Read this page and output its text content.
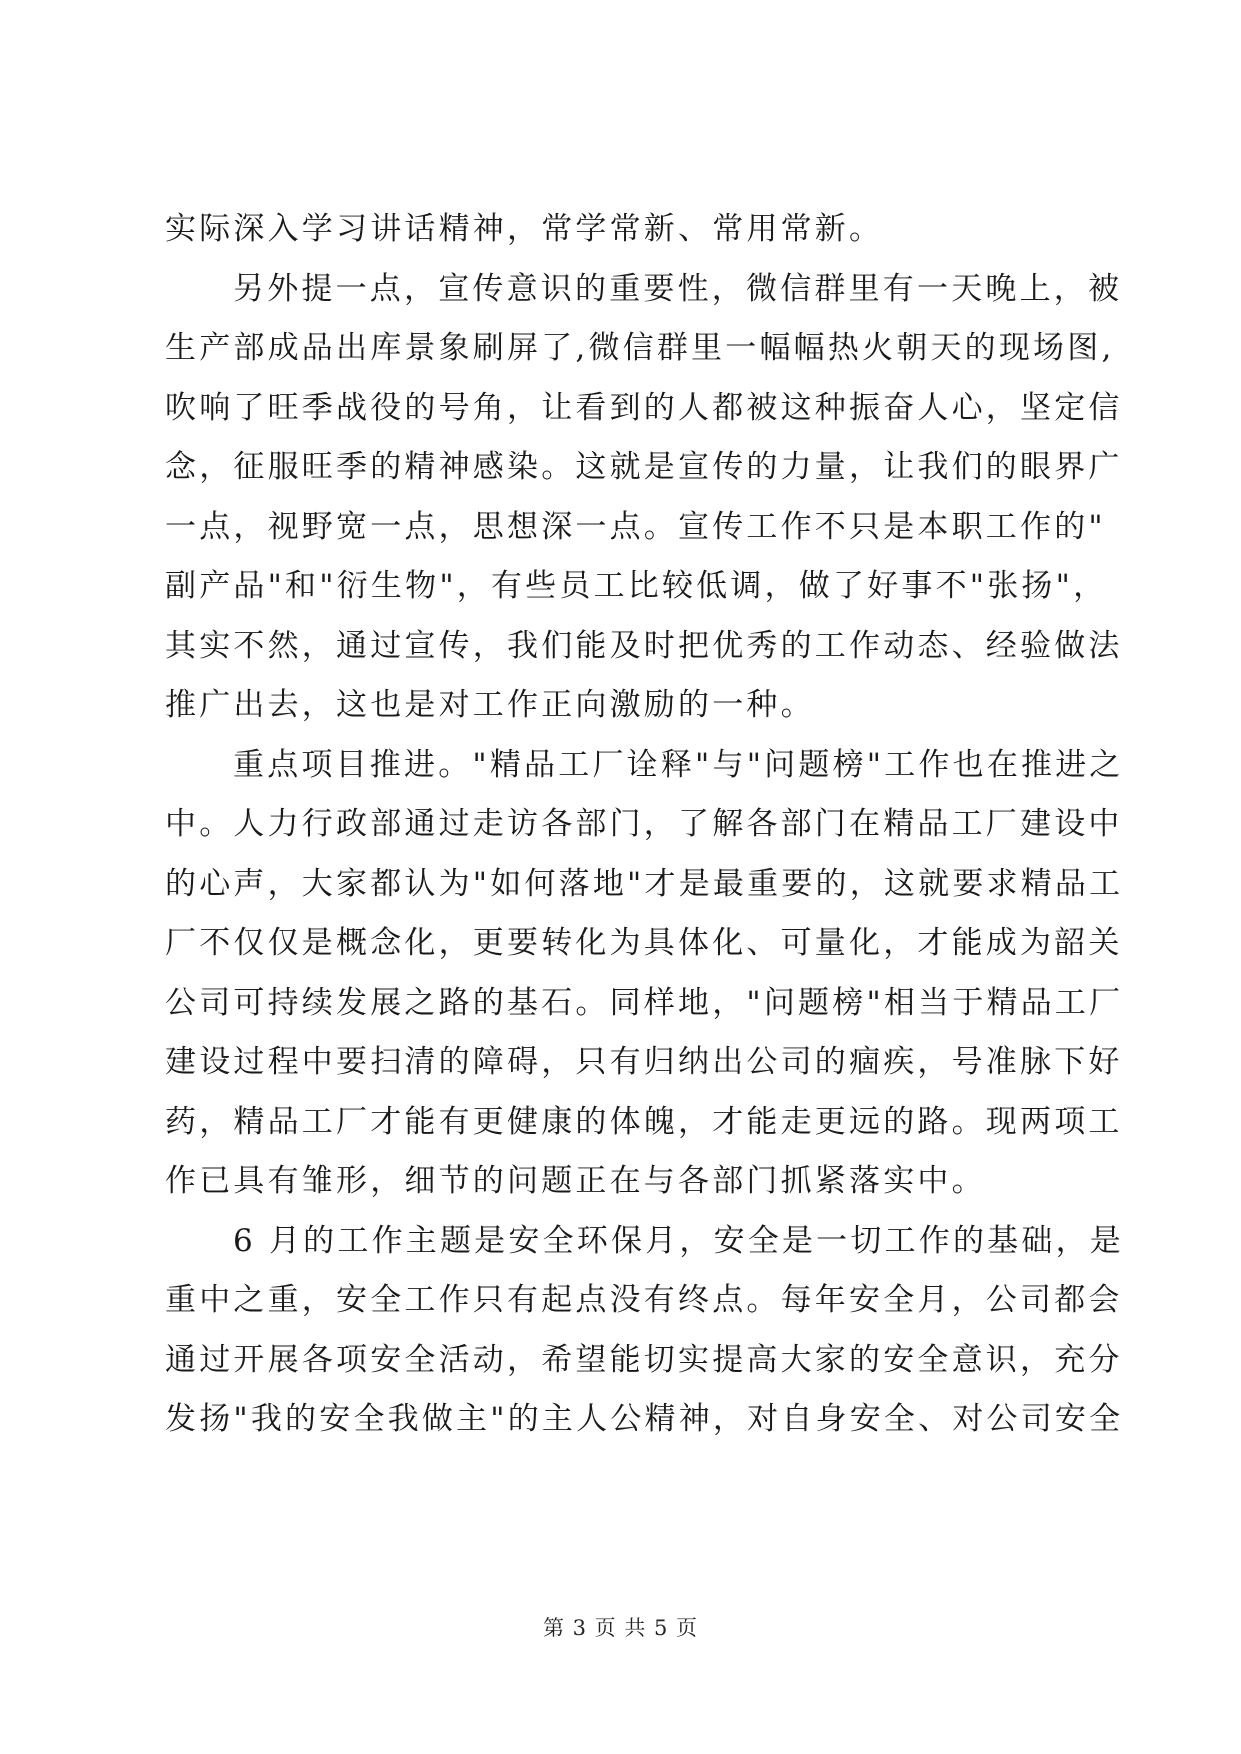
实际深入学习讲话精神，常学常新、常用常新。
另外提一点，宣传意识的重要性，微信群里有一天晚上，被
生产部成品出库景象刷屏了,微信群里一幅幅热火朝天的现场图,
吹响了旺季战役的号角，让看到的人都被这种振奋人心，坚定信
念，征服旺季的精神感染。这就是宣传的力量，让我们的眼界广
一点，视野宽一点，思想深一点。宣传工作不只是本职工作的"
副产品"和"衍生物"，有些员工比较低调，做了好事不"张扬"，
其实不然，通过宣传，我们能及时把优秀的工作动态、经验做法
推广出去，这也是对工作正向激励的一种。
重点项目推进。"精品工厂诠释"与"问题榜"工作也在推进之
中。人力行政部通过走访各部门，了解各部门在精品工厂建设中
的心声，大家都认为"如何落地"才是最重要的，这就要求精品工
厂不仅仅是概念化，更要转化为具体化、可量化，才能成为韶关
公司可持续发展之路的基石。同样地，"问题榜"相当于精品工厂
建设过程中要扫清的障碍，只有归纳出公司的痼疾，号准脉下好
药，精品工厂才能有更健康的体魄，才能走更远的路。现两项工
作已具有雏形，细节的问题正在与各部门抓紧落实中。
6 月的工作主题是安全环保月，安全是一切工作的基础，是
重中之重，安全工作只有起点没有终点。每年安全月，公司都会
通过开展各项安全活动，希望能切实提高大家的安全意识，充分
发扬"我的安全我做主"的主人公精神，对自身安全、对公司安全
第 3 页 共 5 页
